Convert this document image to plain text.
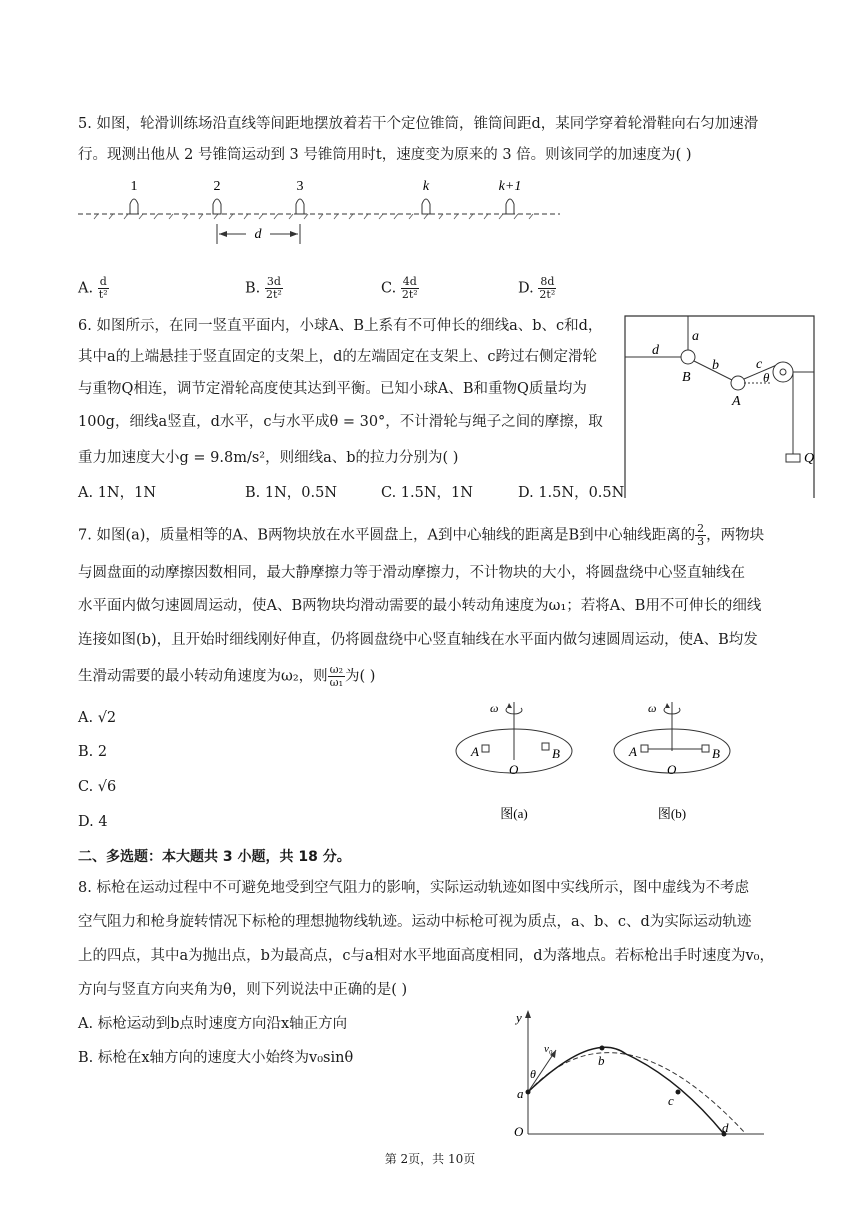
5. 如图，轮滑训练场沿直线等间距地摆放着若干个定位锥筒，锥筒间距d，某同学穿着轮滑鞋向右匀加速滑
行。现测出他从 2 号锥筒运动到 3 号锥筒用时t，速度变为原来的 3 倍。则该同学的加速度为( )
1	2	3	k	k+1
d
A. $\frac{d}{\text{t²}}$	B. $\frac{3d}{\text{2t²}}$	C. $\frac{4d}{\text{2t²}}$	D. $\frac{8d}{\text{2t²}}$
6. 如图所示，在同一竖直平面内，小球A、B上系有不可伸长的细线a、b、c和d，
其中a的上端悬挂于竖直固定的支架上，d的左端固定在支架上、c跨过右侧定滑轮
与重物Q相连，调节定滑轮高度使其达到平衡。已知小球A、B和重物Q质量均为
100g，细线a竖直，d水平，c与水平成θ = 30°，不计滑轮与绳子之间的摩擦，取
重力加速度大小g = 9.8m/s²，则细线a、b的拉力分别为( )
A. 1N，1N	B. 1N，0.5N	C. 1.5N，1N	D. 1.5N，0.5N
a
d
B
b
A
c
θ
Q
7. 如图(a)，质量相等的A、B两物块放在水平圆盘上，A到中心轴线的距离是B到中心轴线距离的 $\frac{2}{3}$ ，两物块
与圆盘面的动摩擦因数相同，最大静摩擦力等于滑动摩擦力，不计物块的大小，将圆盘绕中心竖直轴线在
水平面内做匀速圆周运动，使A、B两物块均滑动需要的最小转动角速度为ω₁；若将A、B用不可伸长的细线
连接如图(b)，且开始时细线刚好伸直，仍将圆盘绕中心竖直轴线在水平面内做匀速圆周运动，使A、B均发
生滑动需要的最小转动角速度为ω₂，则 $\frac{\text{ω₂}}{\text{ω₁}}$ 为( )
A. √2
B. 2
C. √6
D. 4
ω
A	B
O
图(a)
ω
A	B
O
图(b)
二、多选题：本大题共 3 小题，共 18 分。
8. 标枪在运动过程中不可避免地受到空气阻力的影响，实际运动轨迹如图中实线所示，图中虚线为不考虑
空气阻力和枪身旋转情况下标枪的理想抛物线轨迹。运动中标枪可视为质点，a、b、c、d为实际运动轨迹
上的四点，其中a为抛出点，b为最高点，c与a相对水平地面高度相同，d为落地点。若标枪出手时速度为v₀，
方向与竖直方向夹角为θ，则下列说法中正确的是( )
A. 标枪运动到b点时速度方向沿x轴正方向
B. 标枪在x轴方向的速度大小始终为v₀sinθ
y
O
v₀
θ
a
b
c
d
第 2页，共 10页
